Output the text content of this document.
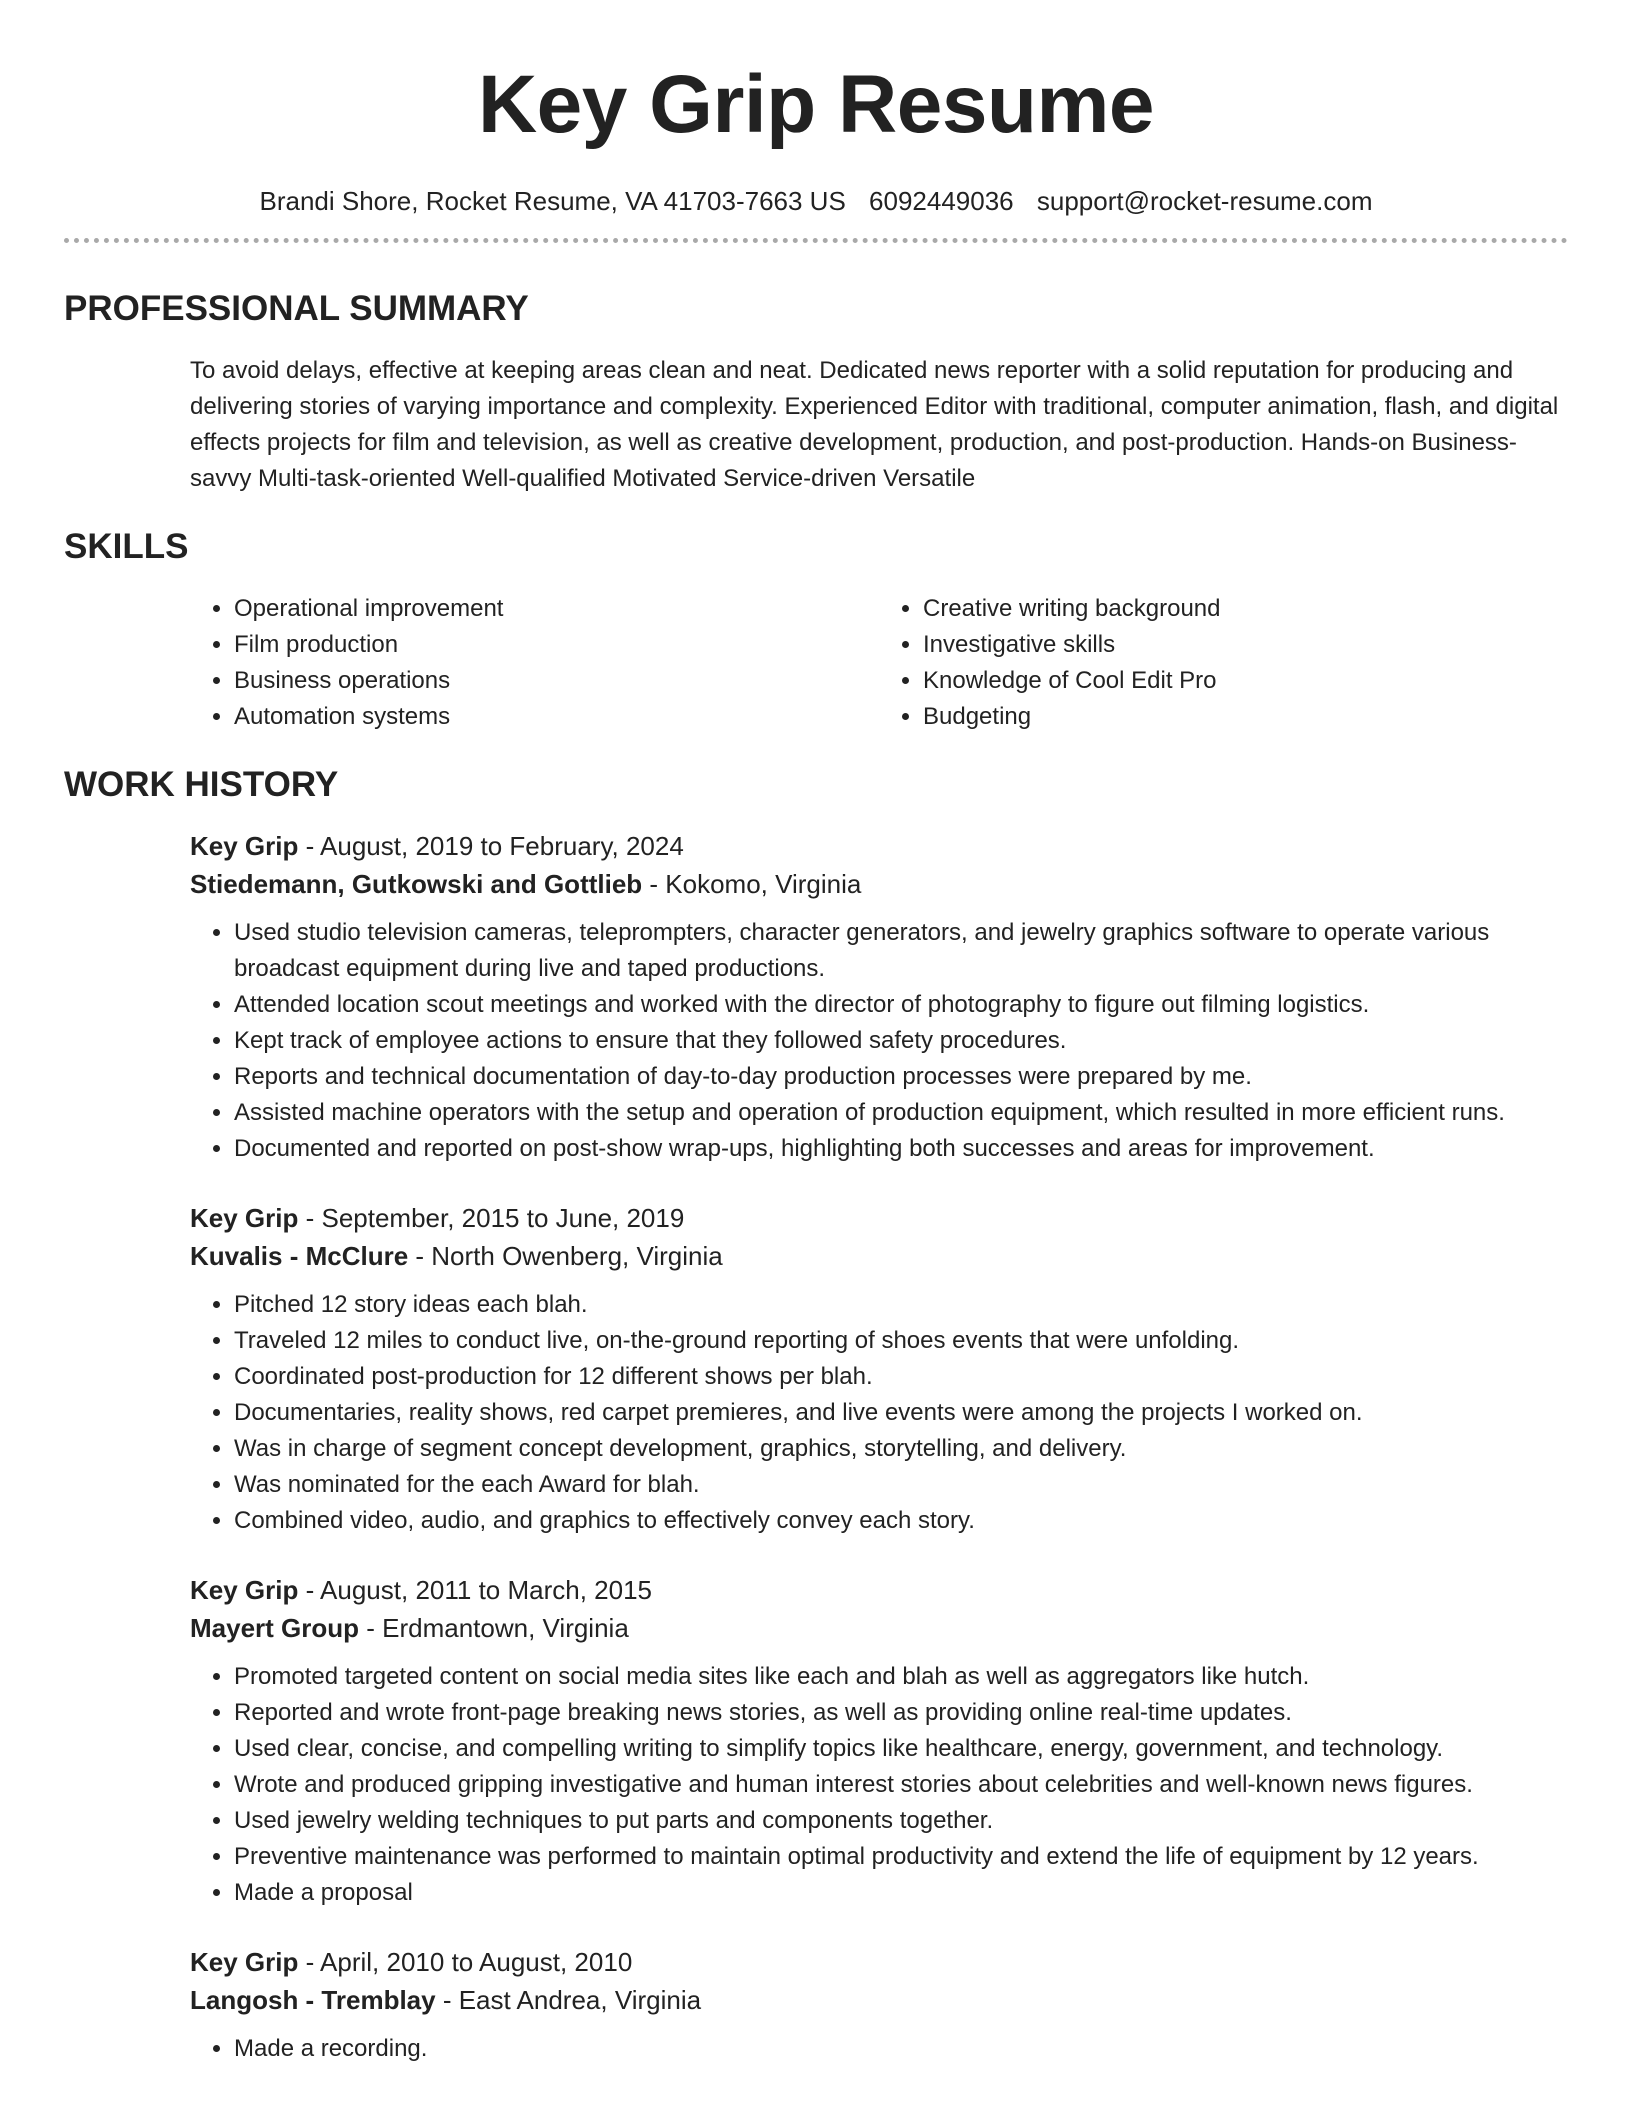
Key Grip Resume
Brandi Shore, Rocket Resume, VA 41703-7663 US 6092449036 support@rocket-resume.com
PROFESSIONAL SUMMARY

To avoid delays, effective at keeping areas clean and neat. Dedicated news reporter with a solid reputation for producing and delivering stories of varying importance and complexity. Experienced Editor with traditional, computer animation, flash, and digital effects projects for film and television, as well as creative development, production, and post-production. Hands-on Business-savvy Multi-task-oriented Well-qualified Motivated Service-driven Versatile

SKILLS
• Operational improvement
• Film production
• Business operations
• Automation systems
• Creative writing background
• Investigative skills
• Knowledge of Cool Edit Pro
• Budgeting
WORK HISTORY
Key Grip - August, 2019 to February, 2024
Stiedemann, Gutkowski and Gottlieb - Kokomo, Virginia
• Used studio television cameras, teleprompters, character generators, and jewelry graphics software to operate various broadcast equipment during live and taped productions.
• Attended location scout meetings and worked with the director of photography to figure out filming logistics.
• Kept track of employee actions to ensure that they followed safety procedures.
• Reports and technical documentation of day-to-day production processes were prepared by me.
• Assisted machine operators with the setup and operation of production equipment, which resulted in more efficient runs.
• Documented and reported on post-show wrap-ups, highlighting both successes and areas for improvement.
Key Grip - September, 2015 to June, 2019
Kuvalis - McClure - North Owenberg, Virginia
• Pitched 12 story ideas each blah.
• Traveled 12 miles to conduct live, on-the-ground reporting of shoes events that were unfolding.
• Coordinated post-production for 12 different shows per blah.
• Documentaries, reality shows, red carpet premieres, and live events were among the projects I worked on.
• Was in charge of segment concept development, graphics, storytelling, and delivery.
• Was nominated for the each Award for blah.
• Combined video, audio, and graphics to effectively convey each story.
Key Grip - August, 2011 to March, 2015
Mayert Group - Erdmantown, Virginia
• Promoted targeted content on social media sites like each and blah as well as aggregators like hutch.
• Reported and wrote front-page breaking news stories, as well as providing online real-time updates.
• Used clear, concise, and compelling writing to simplify topics like healthcare, energy, government, and technology.
• Wrote and produced gripping investigative and human interest stories about celebrities and well-known news figures.
• Used jewelry welding techniques to put parts and components together.
• Preventive maintenance was performed to maintain optimal productivity and extend the life of equipment by 12 years.
• Made a proposal
Key Grip - April, 2010 to August, 2010
Langosh - Tremblay - East Andrea, Virginia
• Made a recording.
